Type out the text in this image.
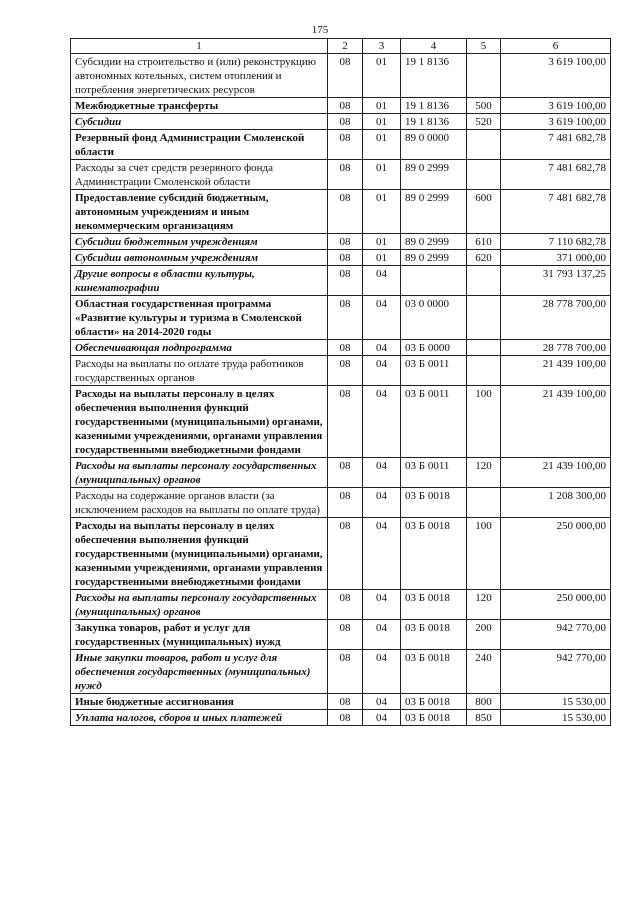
175
1	2	3	4	5	6
Субсидии на строительство и (или) реконструкцию автономных котельных, систем отопления и потребления энергетических ресурсов	08	01	19 1 8136		3 619 100,00
Межбюджетные трансферты	08	01	19 1 8136	500	3 619 100,00
Субсидии	08	01	19 1 8136	520	3 619 100,00
Резервный фонд Администрации Смоленской области	08	01	89 0 0000		7 481 682,78
Расходы за счет средств резервного фонда Администрации Смоленской области	08	01	89 0 2999		7 481 682,78
Предоставление субсидий бюджетным, автономным учреждениям и иным некоммерческим организациям	08	01	89 0 2999	600	7 481 682,78
Субсидии бюджетным учреждениям	08	01	89 0 2999	610	7 110 682,78
Субсидии автономным учреждениям	08	01	89 0 2999	620	371 000,00
Другие вопросы в области культуры, кинематографии	08	04			31 793 137,25
Областная государственная программа «Развитие культуры и туризма в Смоленской области» на 2014-2020 годы	08	04	03 0 0000		28 778 700,00
Обеспечивающая подпрограмма	08	04	03 Б 0000		28 778 700,00
Расходы на выплаты по оплате труда работников государственных органов	08	04	03 Б 0011		21 439 100,00
Расходы на выплаты персоналу в целях обеспечения выполнения функций государственными (муниципальными) органами, казенными учреждениями, органами управления государственными внебюджетными фондами	08	04	03 Б 0011	100	21 439 100,00
Расходы на выплаты персоналу государственных (муниципальных) органов	08	04	03 Б 0011	120	21 439 100,00
Расходы на содержание органов власти (за исключением расходов на выплаты по оплате труда)	08	04	03 Б 0018		1 208 300,00
Расходы на выплаты персоналу в целях обеспечения выполнения функций государственными (муниципальными) органами, казенными учреждениями, органами управления государственными внебюджетными фондами	08	04	03 Б 0018	100	250 000,00
Расходы на выплаты персоналу государственных (муниципальных) органов	08	04	03 Б 0018	120	250 000,00
Закупка товаров, работ и услуг для государственных (муниципальных) нужд	08	04	03 Б 0018	200	942 770,00
Иные закупки товаров, работ и услуг для обеспечения государственных (муниципальных) нужд	08	04	03 Б 0018	240	942 770,00
Иные бюджетные ассигнования	08	04	03 Б 0018	800	15 530,00
Уплата налогов, сборов и иных платежей	08	04	03 Б 0018	850	15 530,00
